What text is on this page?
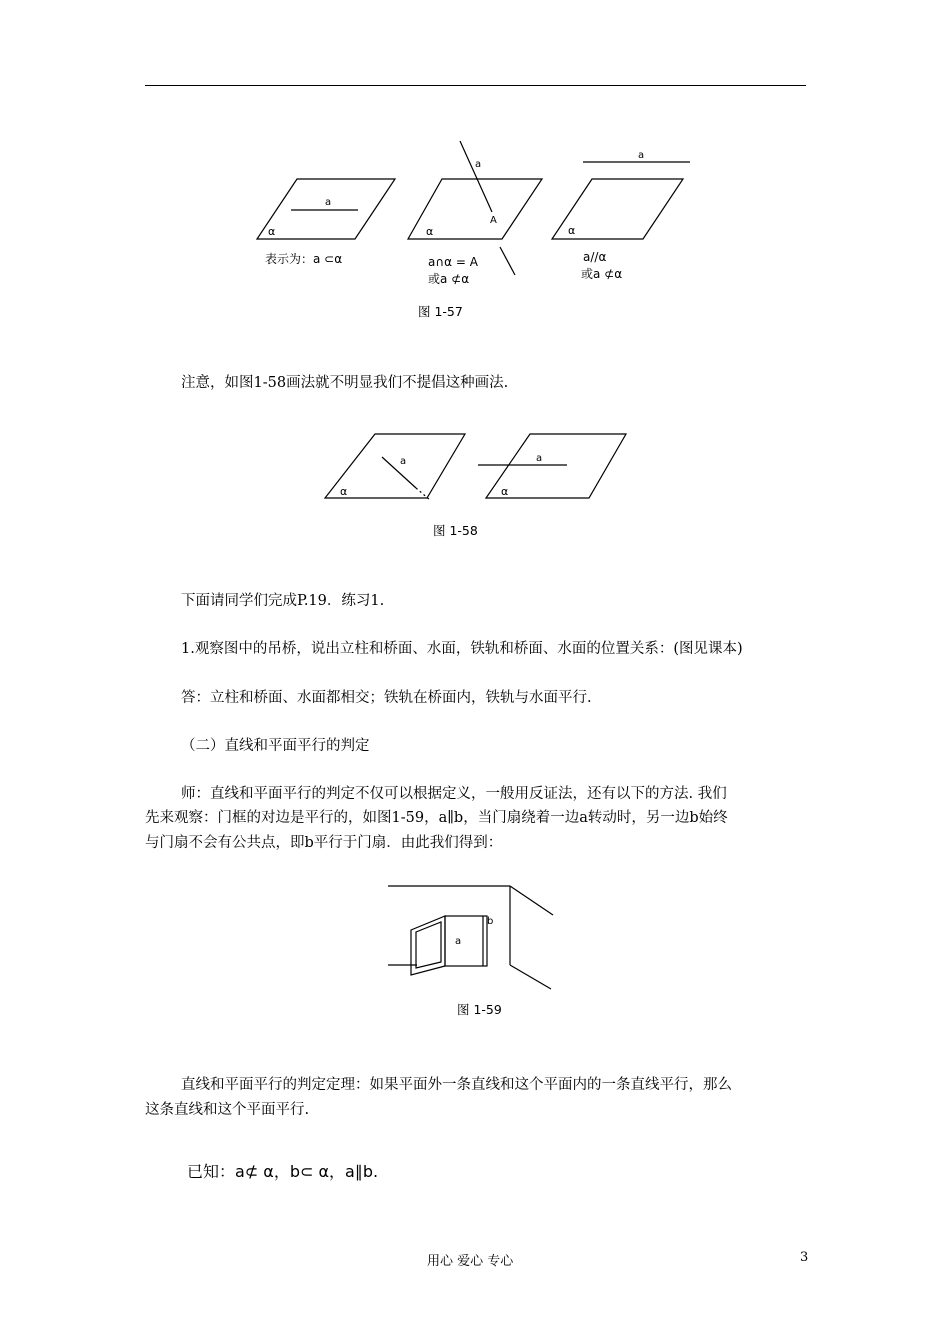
a
α
表示为：a ⊂α
a
A
α
a∩α = A
或a ⊄α
a
α
a//α
或a ⊄α
图 1-57

注意，如图1-58画法就不明显我们不提倡这种画法.

a
α
a
α
图 1-58

下面请同学们完成P.19．练习1.

1.观察图中的吊桥，说出立柱和桥面、水面，铁轨和桥面、水面的位置关系：(图见课本)

答：立柱和桥面、水面都相交；铁轨在桥面内，铁轨与水面平行.

（二）直线和平面平行的判定

师：直线和平面平行的判定不仅可以根据定义，一般用反证法，还有以下的方法. 我们

先来观察：门框的对边是平行的，如图1-59，a∥b，当门扇绕着一边a转动时，另一边b始终

与门扇不会有公共点，即b平行于门扇．由此我们得到：

a
b
图 1-59

直线和平面平行的判定定理：如果平面外一条直线和这个平面内的一条直线平行，那么

这条直线和这个平面平行.

已知：a⊄ α，b⊂ α，a∥b.

用心 爱心 专心	3
